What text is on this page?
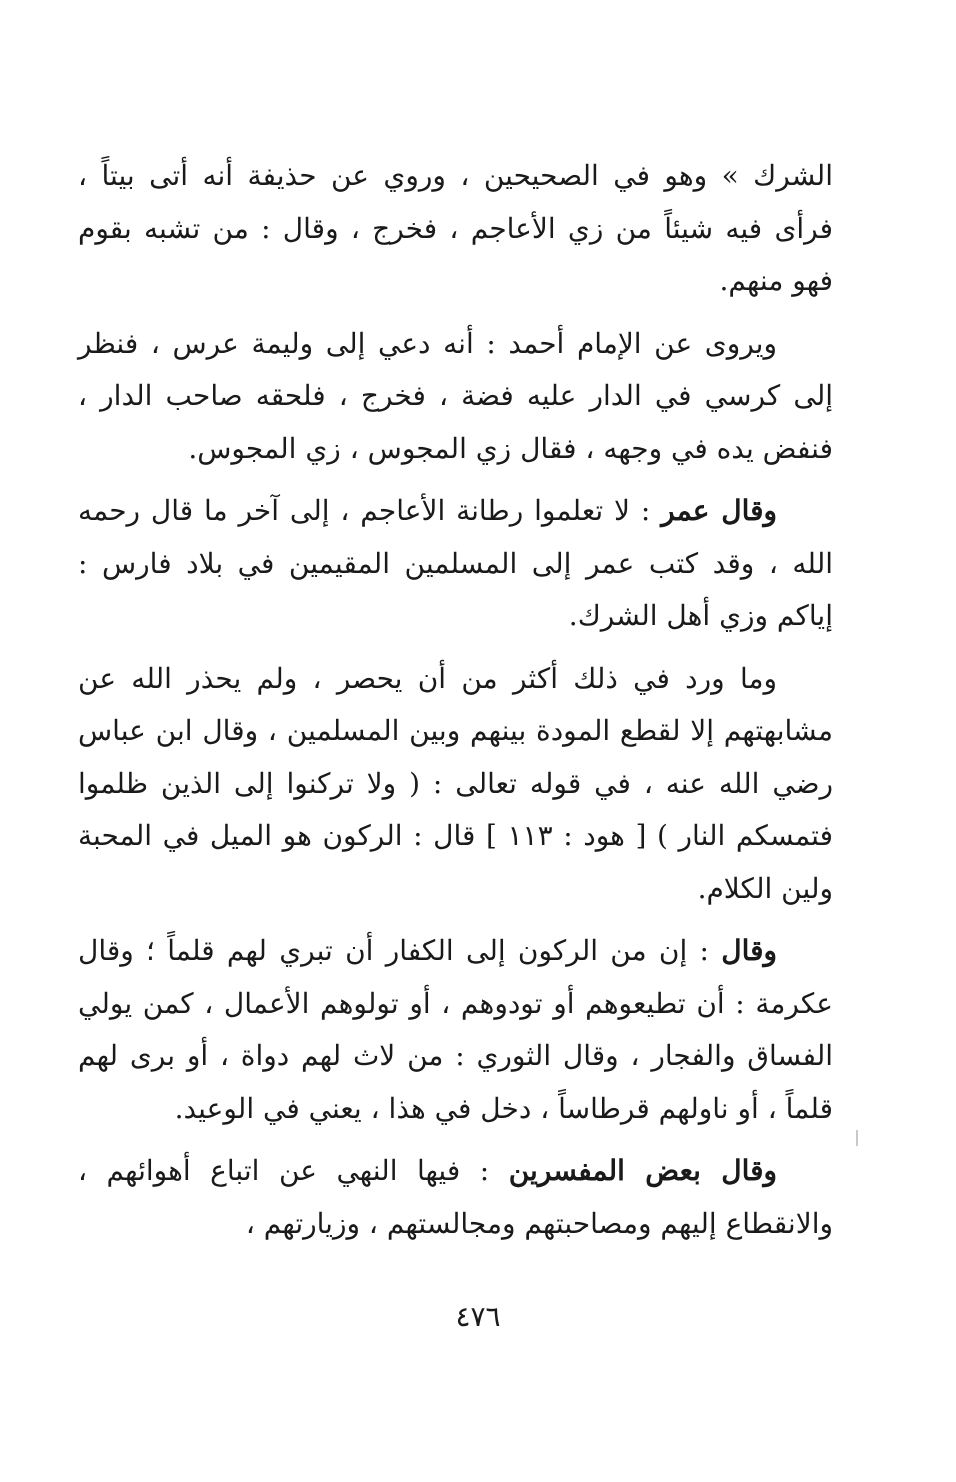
الشرك » وهو في الصحيحين ، وروي عن حذيفة أنه أتى بيتاً ، فرأى فيه شيئاً من زي الأعاجم ، فخرج ، وقال : من تشبه بقوم فهو منهم.

ويروى عن الإمام أحمد : أنه دعي إلى وليمة عرس ، فنظر إلى كرسي في الدار عليه فضة ، فخرج ، فلحقه صاحب الدار ، فنفض يده في وجهه ، فقال زي المجوس ، زي المجوس.

وقال عمر : لا تعلموا رطانة الأعاجم ، إلى آخر ما قال رحمه الله ، وقد كتب عمر إلى المسلمين المقيمين في بلاد فارس : إياكم وزي أهل الشرك.

وما ورد في ذلك أكثر من أن يحصر ، ولم يحذر الله عن مشابهتهم إلا لقطع المودة بينهم وبين المسلمين ، وقال ابن عباس رضي الله عنه ، في قوله تعالى : ( ولا تركنوا إلى الذين ظلموا فتمسكم النار ) [ هود : ١١٣ ] قال : الركون هو الميل في المحبة ولين الكلام.

وقال : إن من الركون إلى الكفار أن تبري لهم قلماً ؛ وقال عكرمة : أن تطيعوهم أو تودوهم ، أو تولوهم الأعمال ، كمن يولي الفساق والفجار ، وقال الثوري : من لاث لهم دواة ، أو برى لهم قلماً ، أو ناولهم قرطاساً ، دخل في هذا ، يعني في الوعيد.

وقال بعض المفسرين : فيها النهي عن اتباع أهوائهم ، والانقطاع إليهم ومصاحبتهم ومجالستهم ، وزيارتهم ،

٤٧٦
